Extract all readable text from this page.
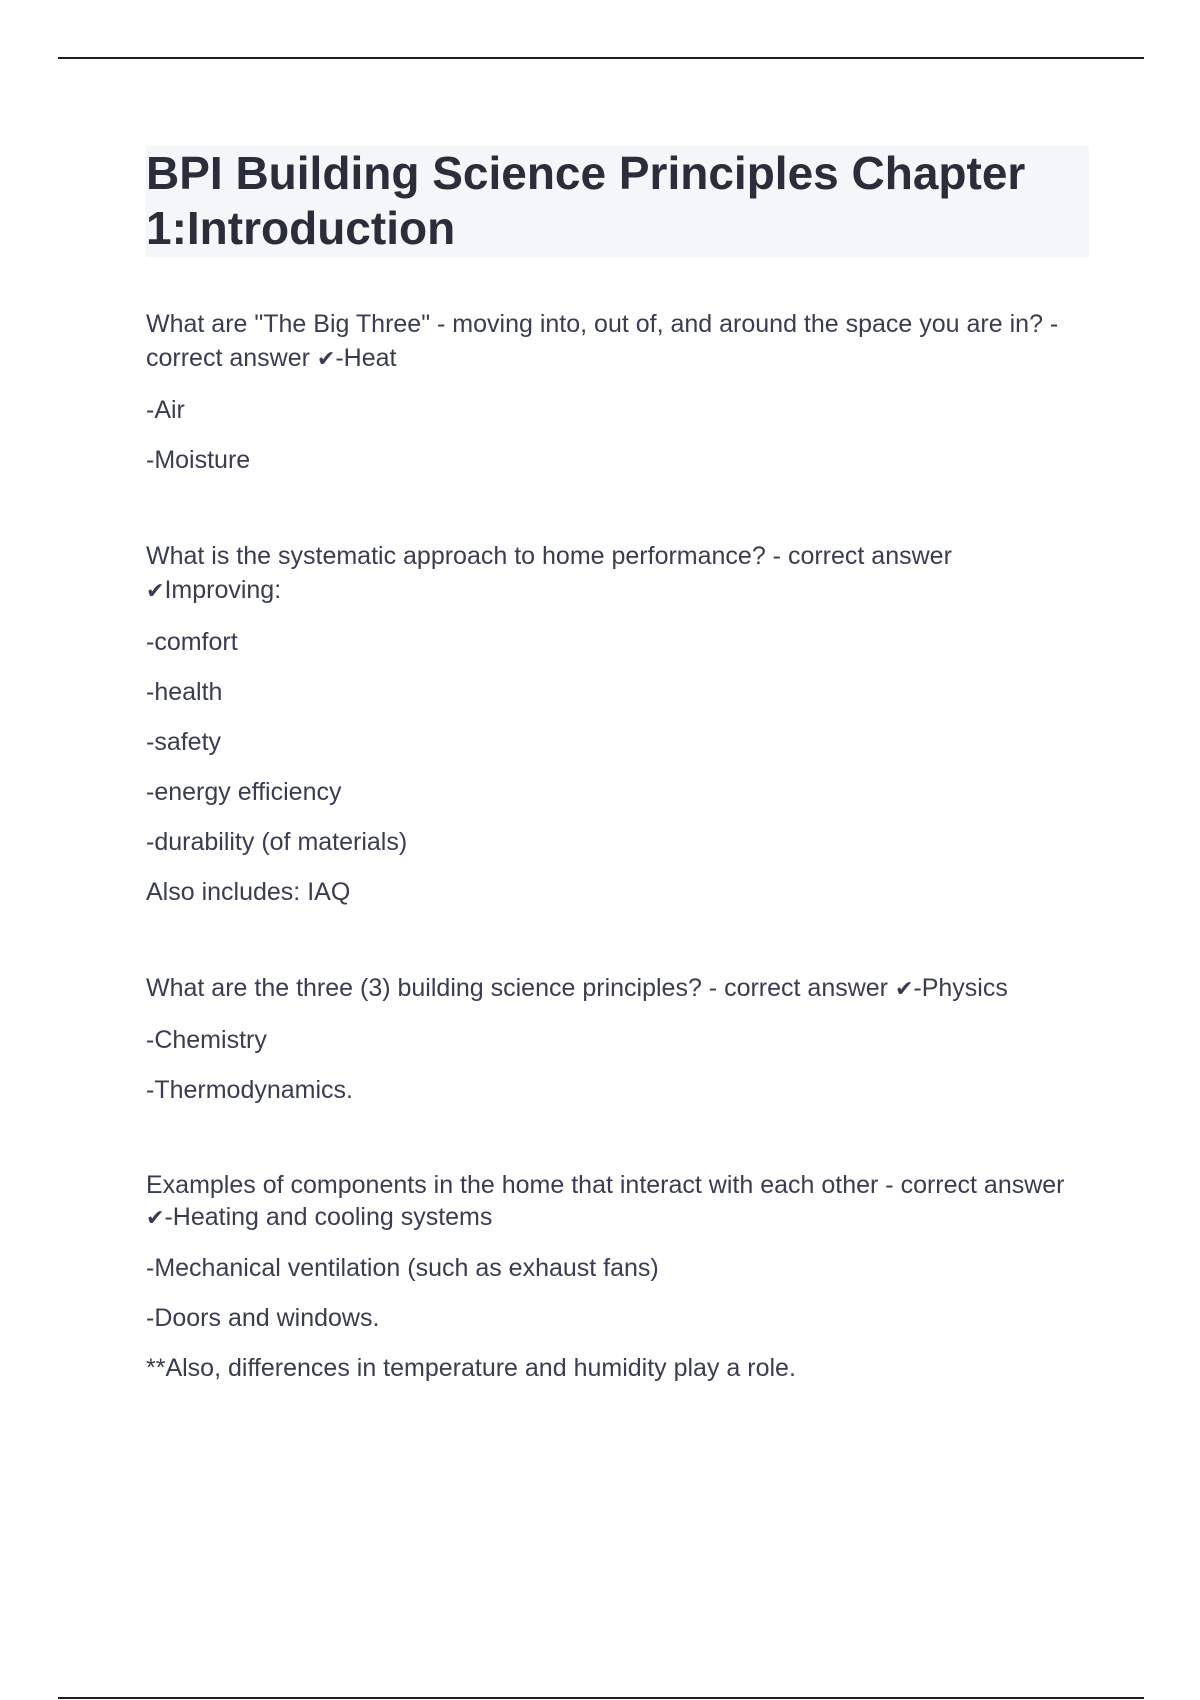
BPI Building Science Principles Chapter 1:Introduction

What are "The Big Three" - moving into, out of, and around the space you are in? - correct answer ✔-Heat

-Air

-Moisture

What is the systematic approach to home performance? - correct answer ✔Improving:

-comfort

-health

-safety

-energy efficiency

-durability (of materials)

Also includes: IAQ

What are the three (3) building science principles? - correct answer ✔-Physics

-Chemistry

-Thermodynamics.

Examples of components in the home that interact with each other - correct answer ✔-Heating and cooling systems

-Mechanical ventilation (such as exhaust fans)

-Doors and windows.

**Also, differences in temperature and humidity play a role.
